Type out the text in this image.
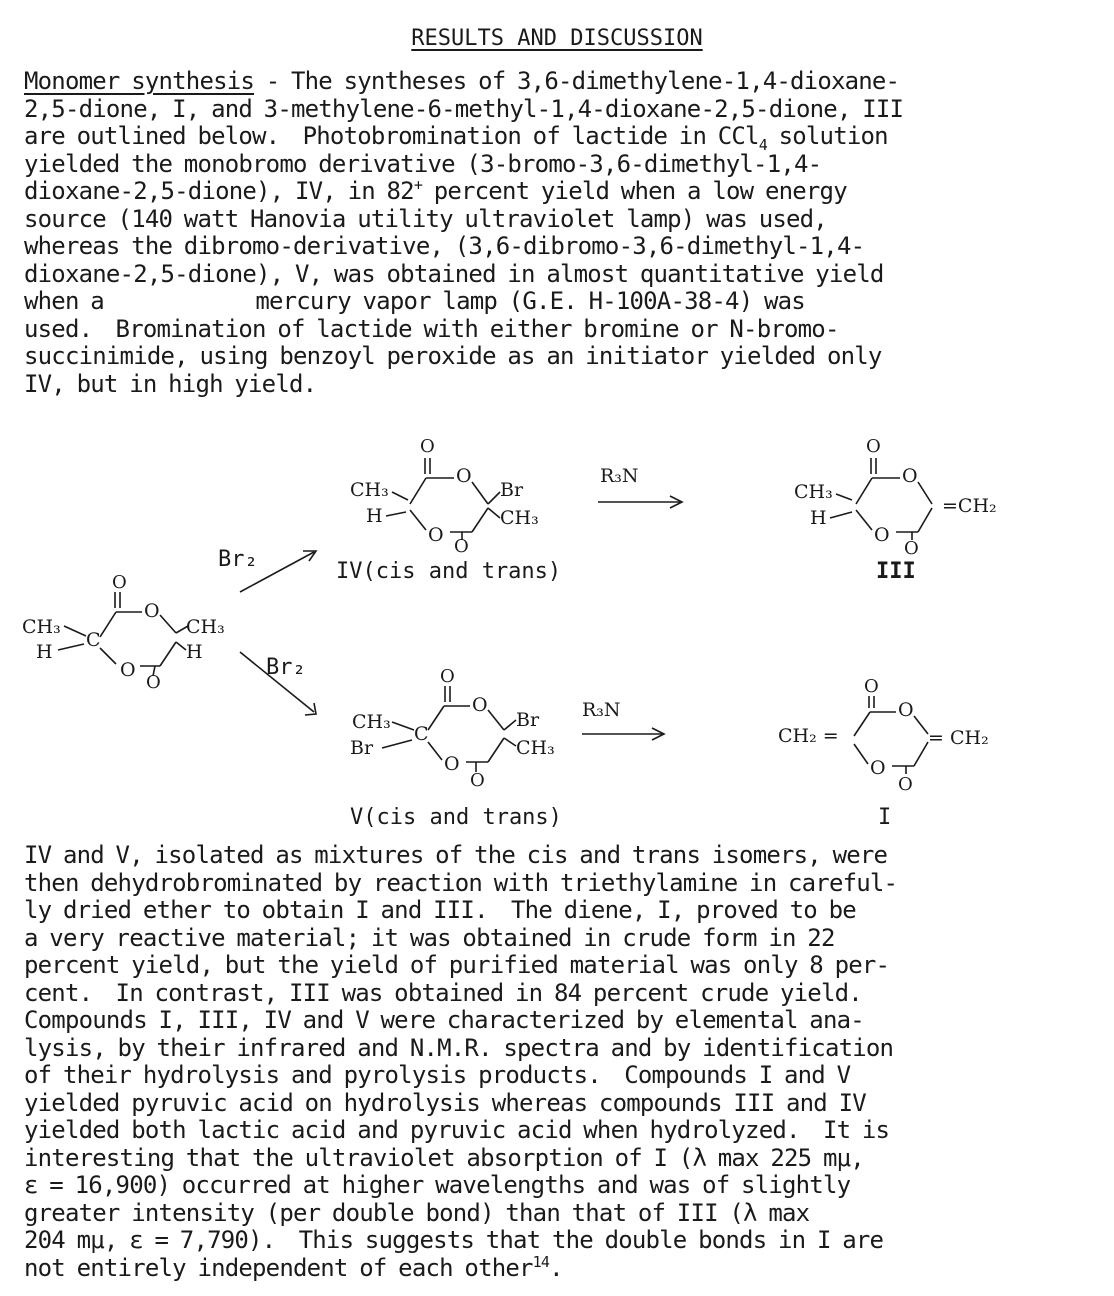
RESULTS AND DISCUSSION

Monomer synthesis - The syntheses of 3,6-dimethylene-1,4-dioxane-
2,5-dione, I, and 3-methylene-6-methyl-1,4-dioxane-2,5-dione, III
are outlined below.  Photobromination of lactide in CCl$_4$ solution
yielded the monobromo derivative (3-bromo-3,6-dimethyl-1,4-
dioxane-2,5-dione), IV, in 82+ percent yield when a low energy
source (140 watt Hanovia utility ultraviolet lamp) was used,
whereas the dibromo-derivative, (3,6-dibromo-3,6-dimethyl-1,4-
dioxane-2,5-dione), V, was obtained in almost quantitative yield
when a             mercury vapor lamp (G.E. H-100A-38-4) was
used.  Bromination of lactide with either bromine or N-bromo-
succinimide, using benzoyl peroxide as an initiator yielded only
IV, but in high yield.

CH₃
H
C
O
O
O
O
CH₃
H
Br₂
Br₂
CH₃
H
O
O
O
O
Br
CH₃
IV(cis and trans)
R₃N
CH₃
H
O
O
O
O
=CH₂
III
CH₃
Br
C
O
O
O
O
Br
CH₃
V(cis and trans)
R₃N
CH₂ =
O
O
O
O
= CH₂
I

IV and V, isolated as mixtures of the cis and trans isomers, were
then dehydrobrominated by reaction with triethylamine in careful-
ly dried ether to obtain I and III.  The diene, I, proved to be
a very reactive material; it was obtained in crude form in 22
percent yield, but the yield of purified material was only 8 per-
cent.  In contrast, III was obtained in 84 percent crude yield.
Compounds I, III, IV and V were characterized by elemental ana-
lysis, by their infrared and N.M.R. spectra and by identification
of their hydrolysis and pyrolysis products.  Compounds I and V
yielded pyruvic acid on hydrolysis whereas compounds III and IV
yielded both lactic acid and pyruvic acid when hydrolyzed.  It is
interesting that the ultraviolet absorption of I (λ max 225 mμ,
ε = 16,900) occurred at higher wavelengths and was of slightly
greater intensity (per double bond) than that of III (λ max
204 mμ, ε = 7,790).  This suggests that the double bonds in I are
not entirely independent of each other$^{14}$.
